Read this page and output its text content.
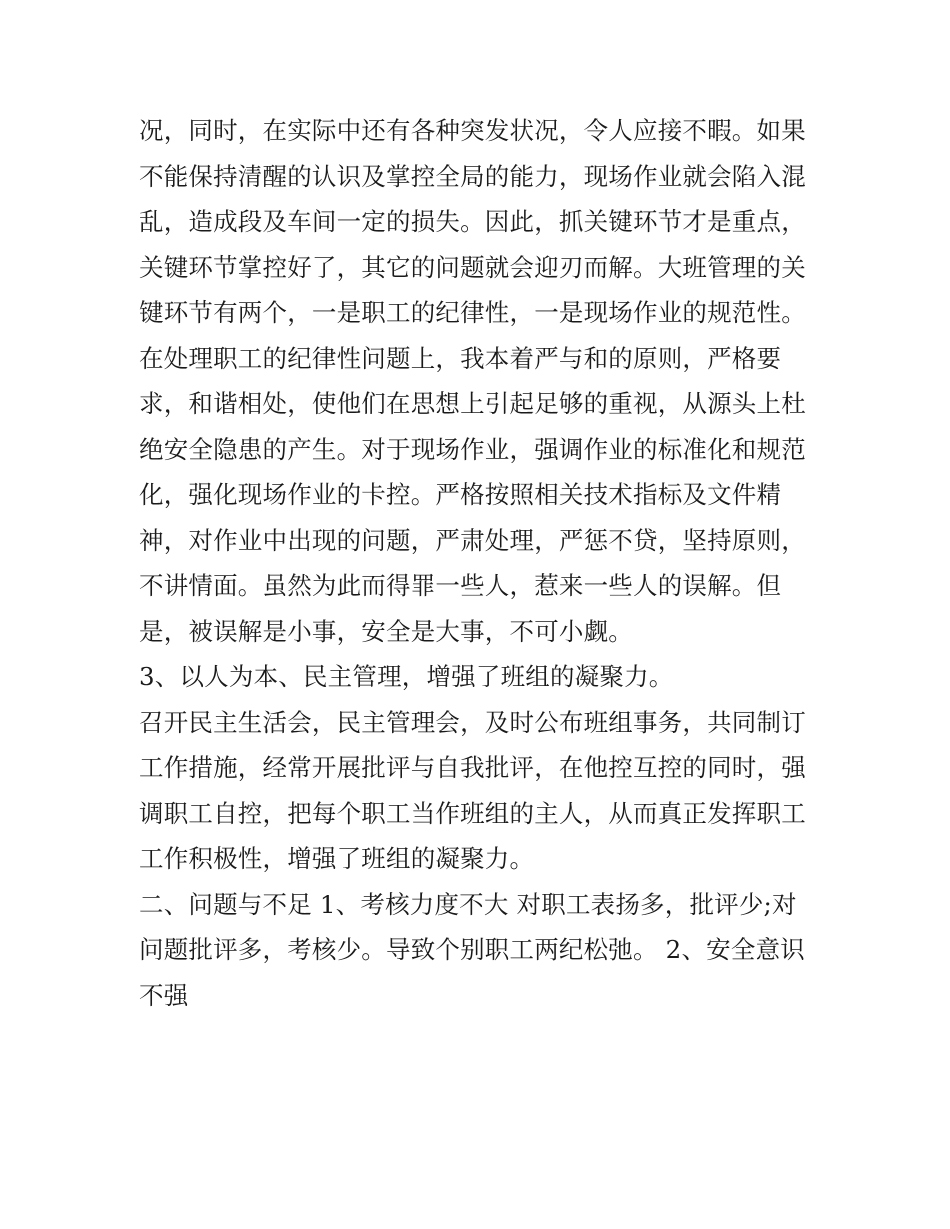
况，同时，在实际中还有各种突发状况，令人应接不暇。如果
不能保持清醒的认识及掌控全局的能力，现场作业就会陷入混
乱，造成段及车间一定的损失。因此，抓关键环节才是重点，
关键环节掌控好了，其它的问题就会迎刃而解。大班管理的关
键环节有两个，一是职工的纪律性，一是现场作业的规范性。
在处理职工的纪律性问题上，我本着严与和的原则，严格要
求，和谐相处，使他们在思想上引起足够的重视，从源头上杜
绝安全隐患的产生。对于现场作业，强调作业的标准化和规范
化，强化现场作业的卡控。严格按照相关技术指标及文件精
神，对作业中出现的问题，严肃处理，严惩不贷，坚持原则，
不讲情面。虽然为此而得罪一些人，惹来一些人的误解。但
是，被误解是小事，安全是大事，不可小觑。
3、以人为本、民主管理，增强了班组的凝聚力。
召开民主生活会，民主管理会，及时公布班组事务，共同制订
工作措施，经常开展批评与自我批评，在他控互控的同时，强
调职工自控，把每个职工当作班组的主人，从而真正发挥职工
工作积极性，增强了班组的凝聚力。
二、问题与不足 1、考核力度不大 对职工表扬多，批评少;对
问题批评多，考核少。导致个别职工两纪松弛。 2、安全意识
不强
